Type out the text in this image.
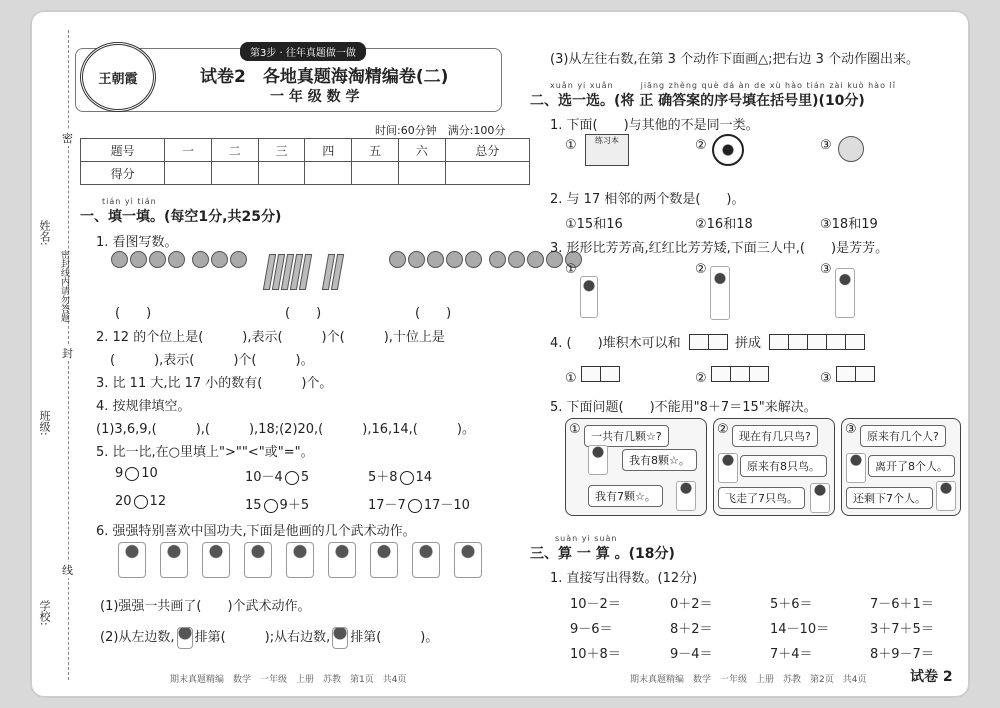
姓名:
班级:
学校:
密封线内请勿答题
密
封
线
王朝霞
第3步 · 往年真题做一做
试卷2　各地真题海淘精编卷(二)
一 年 级 数 学
时间:60分钟　满分:100分
题号	一	二	三	四	五	六	总分
得分							
tián yì tián
一、填一填。(每空1分,共25分)
1. 看图写数。

(　　)	(　　)	(　　)
2. 12 的个位上是(　　　),表示(　　　)个(　　　),十位上是
(　　　),表示(　　　)个(　　　)。
3. 比 11 大,比 17 小的数有(　　　)个。
4. 按规律填空。
(1)3,6,9,(　　　),(　　　),18;(2)20,(　　　),16,14,(　　　)。
5. 比一比,在○里填上">""<"或"="。
9 10	10－4 5	5＋8 14
20 12	15 9＋5	17－7 17－10
6. 强强特别喜欢中国功夫,下面是他画的几个武术动作。
(1)强强一共画了(　　)个武术动作。
(2)从左边数, 排第(　　　);从右边数, 排第(　　　)。
期末真题精编　数学　一年级　上册　苏教　第1页　共4页
(3)从左往右数,在第 3 个动作下面画△;把右边 3 个动作圈出来。
xuǎn yi xuǎn　　　jiāng zhèng què dá àn de xù hào tián zài kuò hào lǐ
二、选一选。(将 正 确答案的序号填在括号里)(10分)
1. 下面(　　)与其他的不是同一类。
①	练习本	②	③
2. 与 17 相邻的两个数是(　　)。
①15和16	②16和18	③18和19
3. 形形比芳芳高,红红比芳芳矮,下面三人中,(　　)是芳芳。
①	②	③
4. (　　)堆积木可以和	拼成
①	②	③
5. 下面问题(　　)不能用"8＋7＝15"来解决。
① 一共有几颗☆?
我有8颗☆。
我有7颗☆。
② 现在有几只鸟?
原来有8只鸟。
飞走了7只鸟。
③ 原来有几个人?
离开了8个人。
还剩下7个人。
suàn yi suàn
三、算 一 算 。(18分)
1. 直接写出得数。(12分)
10－2＝	0＋2＝	5＋6＝	7－6＋1＝
9－6＝	8＋2＝	14－10＝	3＋7＋5＝
10＋8＝	9－4＝	7＋4＝	8＋9－7＝
期末真题精编　数学　一年级　上册　苏教　第2页　共4页	试卷 2
